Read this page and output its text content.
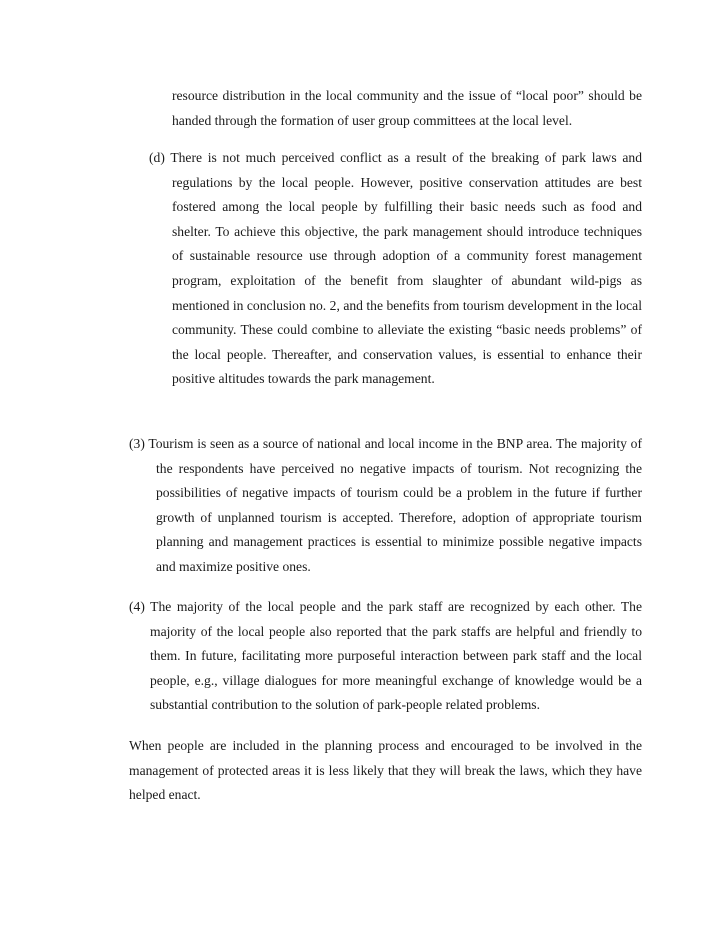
resource distribution in the local community and the issue of “local poor” should be handed through the formation of user group committees at the local level.

(d) There is not much perceived conflict as a result of the breaking of park laws and regulations by the local people. However, positive conservation attitudes are best fostered among the local people by fulfilling their basic needs such as food and shelter. To achieve this objective, the park management should introduce techniques of sustainable resource use through adoption of a community forest management program, exploitation of the benefit from slaughter of abundant wild-pigs as mentioned in conclusion no. 2, and the benefits from tourism development in the local community. These could combine to alleviate the existing “basic needs problems” of the local people. Thereafter, and conservation values, is essential to enhance their positive altitudes towards the park management.

(3) Tourism is seen as a source of national and local income in the BNP area. The majority of the respondents have perceived no negative impacts of tourism. Not recognizing the possibilities of negative impacts of tourism could be a problem in the future if further growth of unplanned tourism is accepted. Therefore, adoption of appropriate tourism planning and management practices is essential to minimize possible negative impacts and maximize positive ones.

(4) The majority of the local people and the park staff are recognized by each other. The majority of the local people also reported that the park staffs are helpful and friendly to them. In future, facilitating more purposeful interaction between park staff and the local people, e.g., village dialogues for more meaningful exchange of knowledge would be a substantial contribution to the solution of park-people related problems.

When people are included in the planning process and encouraged to be involved in the management of protected areas it is less likely that they will break the laws, which they have helped enact.
